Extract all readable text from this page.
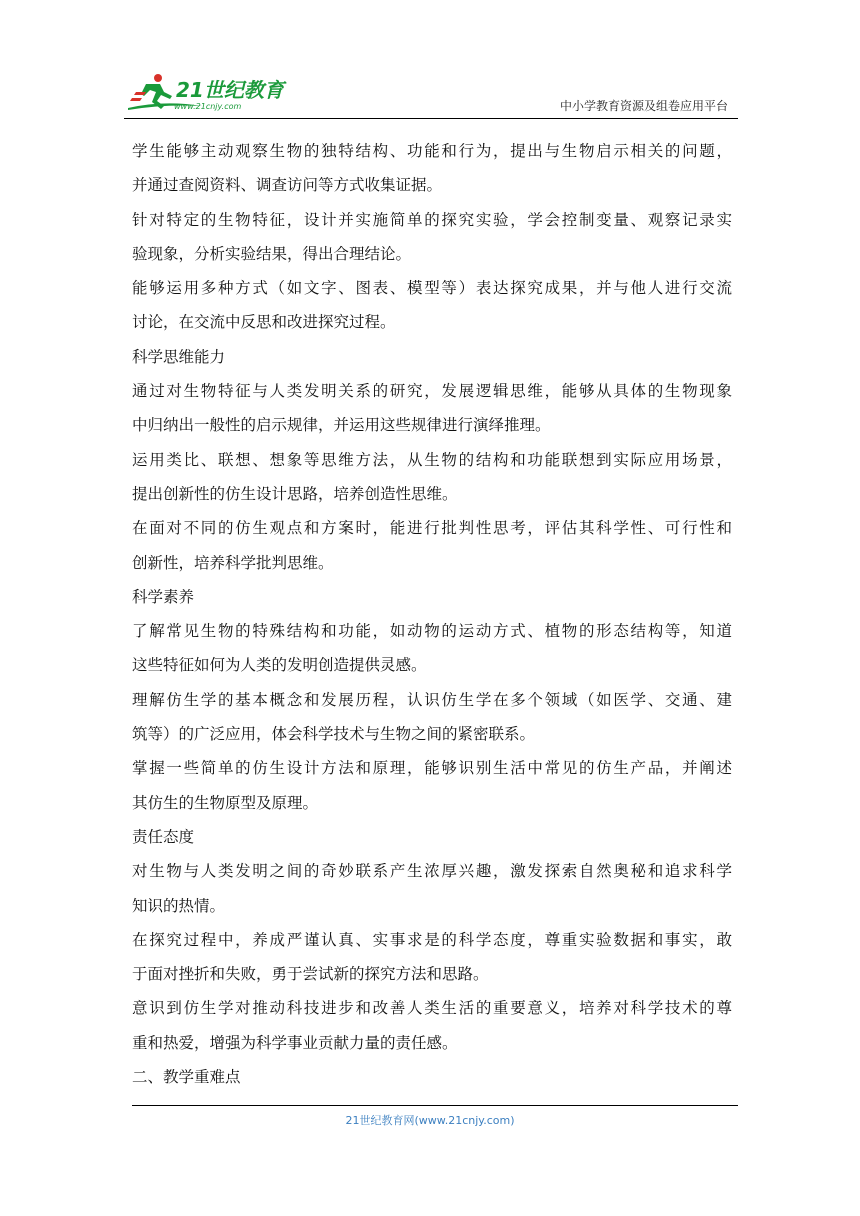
21世纪教育
www.21cnjy.com	中小学教育资源及组卷应用平台
学生能够主动观察生物的独特结构、功能和行为，提出与生物启示相关的问题，
并通过查阅资料、调查访问等方式收集证据。
针对特定的生物特征，设计并实施简单的探究实验，学会控制变量、观察记录实
验现象，分析实验结果，得出合理结论。
能够运用多种方式（如文字、图表、模型等）表达探究成果，并与他人进行交流
讨论，在交流中反思和改进探究过程。
科学思维能力
通过对生物特征与人类发明关系的研究，发展逻辑思维，能够从具体的生物现象
中归纳出一般性的启示规律，并运用这些规律进行演绎推理。
运用类比、联想、想象等思维方法，从生物的结构和功能联想到实际应用场景，
提出创新性的仿生设计思路，培养创造性思维。
在面对不同的仿生观点和方案时，能进行批判性思考，评估其科学性、可行性和
创新性，培养科学批判思维。
科学素养
了解常见生物的特殊结构和功能，如动物的运动方式、植物的形态结构等，知道
这些特征如何为人类的发明创造提供灵感。
理解仿生学的基本概念和发展历程，认识仿生学在多个领域（如医学、交通、建
筑等）的广泛应用，体会科学技术与生物之间的紧密联系。
掌握一些简单的仿生设计方法和原理，能够识别生活中常见的仿生产品，并阐述
其仿生的生物原型及原理。
责任态度
对生物与人类发明之间的奇妙联系产生浓厚兴趣，激发探索自然奥秘和追求科学
知识的热情。
在探究过程中，养成严谨认真、实事求是的科学态度，尊重实验数据和事实，敢
于面对挫折和失败，勇于尝试新的探究方法和思路。
意识到仿生学对推动科技进步和改善人类生活的重要意义，培养对科学技术的尊
重和热爱，增强为科学事业贡献力量的责任感。
二、教学重难点
21世纪教育网(www.21cnjy.com)
